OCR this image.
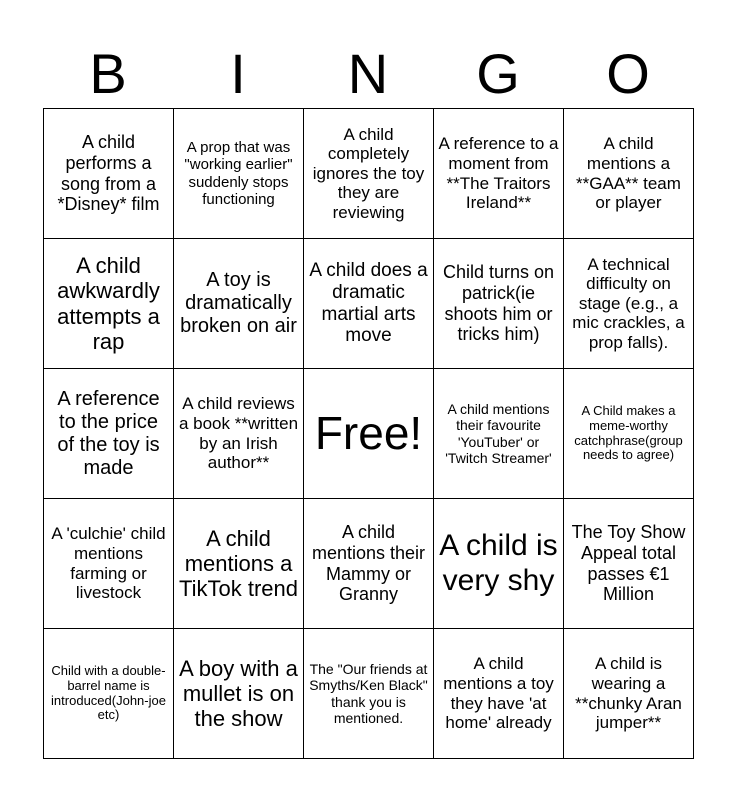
B	I	N	G	O
A child performs a song from a *Disney* film	A prop that was "working earlier" suddenly stops functioning	A child completely ignores the toy they are reviewing	A reference to a moment from **The Traitors Ireland**	A child mentions a **GAA** team or player
A child awkwardly attempts a rap	A toy is dramatically broken on air	A child does a dramatic martial arts move	Child turns on patrick(ie shoots him or tricks him)	A technical difficulty on stage (e.g., a mic crackles, a prop falls).
A reference to the price of the toy is made	A child reviews a book **written by an Irish author**	Free!	A child mentions their favourite 'YouTuber' or 'Twitch Streamer'	A Child makes a meme-worthy catchphrase(group needs to agree)
A 'culchie' child mentions farming or livestock	A child mentions a TikTok trend	A child mentions their Mammy or Granny	A child is very shy	The Toy Show Appeal total passes €1 Million
Child with a double-barrel name is introduced(John-joe etc)	A boy with a mullet is on the show	The "Our friends at Smyths/Ken Black" thank you is mentioned.	A child mentions a toy they have 'at home' already	A child is wearing a **chunky Aran jumper**
